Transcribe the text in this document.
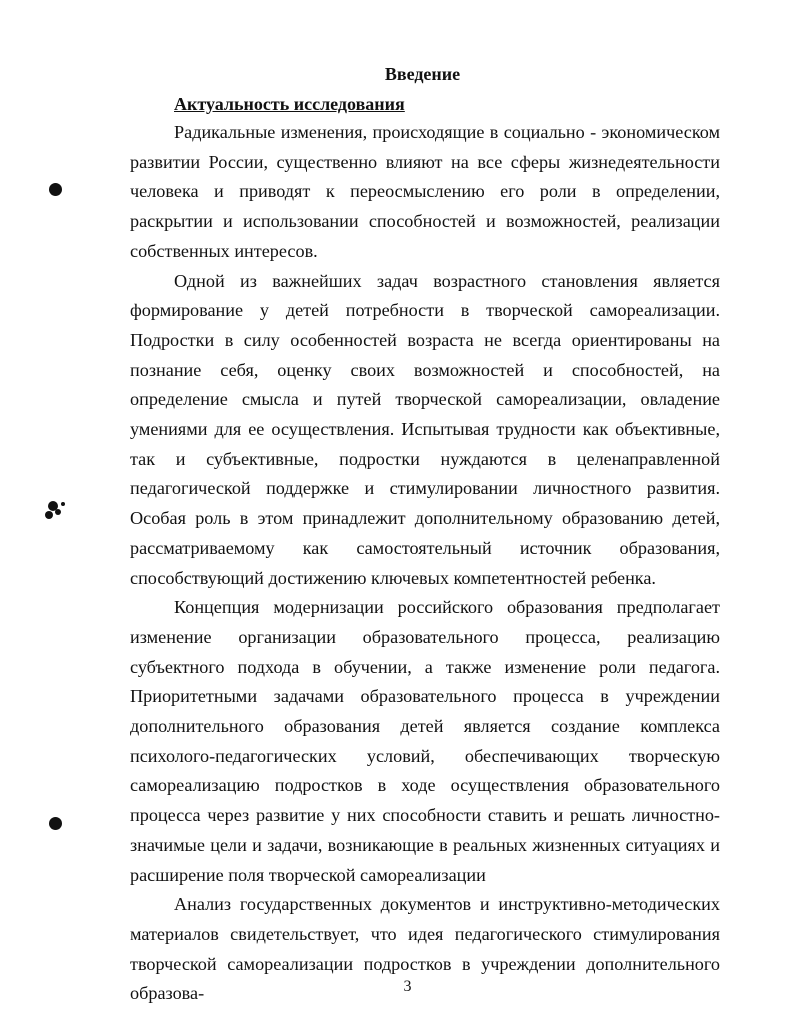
Введение
Актуальность исследования

Радикальные изменения, происходящие в социально - экономическом развитии России, существенно влияют на все сферы жизнедеятельности человека и приводят к переосмыслению его роли в определении, раскрытии и использовании способностей и возможностей, реализации собственных интересов.

Одной из важнейших задач возрастного становления является формирование у детей потребности в творческой самореализации. Подростки в силу особенностей возраста не всегда ориентированы на познание себя, оценку своих возможностей и способностей, на определение смысла и путей творческой самореализации, овладение умениями для ее осуществления. Испытывая трудности как объективные, так и субъективные, подростки нуждаются в целенаправленной педагогической поддержке и стимулировании личностного развития. Особая роль в этом принадлежит дополнительному образованию детей, рассматриваемому как самостоятельный источник образования, способствующий достижению ключевых компетентностей ребенка.

Концепция модернизации российского образования предполагает изменение организации образовательного процесса, реализацию субъектного подхода в обучении, а также изменение роли педагога. Приоритетными задачами образовательного процесса в учреждении дополнительного образования детей является создание комплекса психолого-педагогических условий, обеспечивающих творческую самореализацию подростков в ходе осуществления образовательного процесса через развитие у них способности ставить и решать личностно-значимые цели и задачи, возникающие в реальных жизненных ситуациях и расширение поля творческой самореализации

Анализ государственных документов и инструктивно-методических материалов свидетельствует, что идея педагогического стимулирования творческой самореализации подростков в учреждении дополнительного образова-	3
